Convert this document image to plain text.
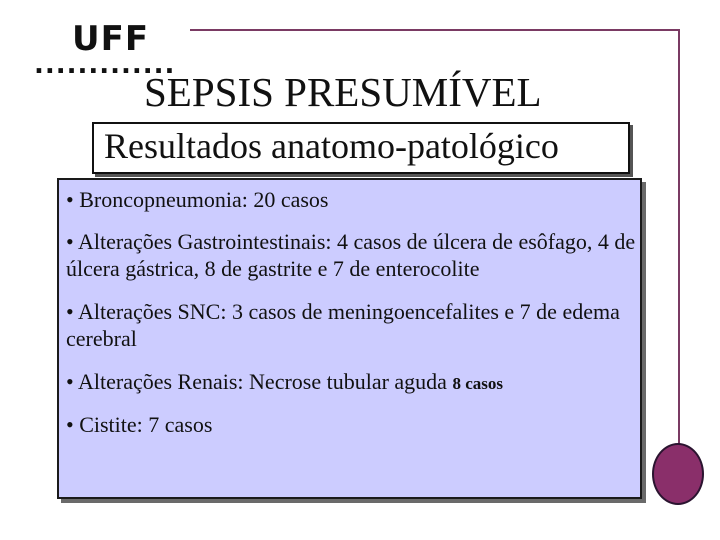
UFF
.............
SEPSIS PRESUMÍVEL
Resultados anatomo-patológico
• Broncopneumonia: 20 casos
• Alterações Gastrointestinais: 4 casos de úlcera de esôfago, 4 de úlcera gástrica, 8 de gastrite e 7 de enterocolite
• Alterações SNC: 3 casos de meningoencefalites e 7 de edema cerebral
• Alterações Renais: Necrose tubular aguda 8 casos
• Cistite: 7 casos
